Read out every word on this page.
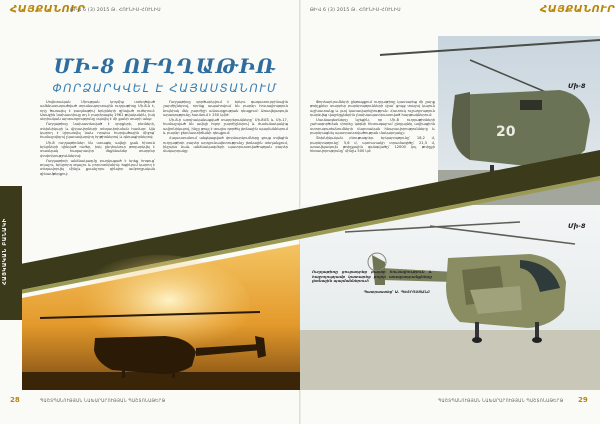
ՀԱՅՔԱՆՈՒՐ
ԹԻՎ 6 (3) 2015 Թ. ՀՈՒՆԻՍ-ՀՈՒԼԻՍ	ԹԻՎ 6 (3) 2015 Թ. ՀՈՒՆԻՍ-ՀՈՒԼԻՍ	ՀԱՅՔԱՆՈՒՐ
ՄԻ-8 ՈՒՂՂԱԹԻՌ
ՓՈՐՁԱՐԿՎԵԼ Է ՀԱՅԱՍՏԱՆՈՒՄ

Սովետական Միության կողմից ստեղծված ամենատարածված տրանսպորտային ուղղաթիռը Մի-8-ն է, որը ծառայել է բազմաթիվ երկրների զինված ուժերում: Առաջին նախատիպը օդ է բարձրացել 1961 թվականին, իսկ սերիական արտադրությունը սկսվել է մի քանի տարի անց:

Ուղղաթիռը նախատեսված է զորքերի, բեռների, տեխնիկայի և վիրավորների տեղափոխման համար: Այն կարող է կիրառվել նաև որպես հարվածային միջոց՝ համալրվելով չկառավարվող հրթիռներով և գնդացիրներով:

Մի-8 ուղղաթիռներ են ստացել ավելի քան հիսուն երկրների զինված ուժեր, իսկ ընդհանուր թողարկվել է տասնյակ հազարավոր մեքենաներ տարբեր փոփոխություններով:

Ուղղաթիռի անձնակազմը բաղկացած է երեք հոգուց՝ օդաչու, երկրորդ օդաչու և բորտտեխնիկ: Խցիկում կարող է տեղավորվել մինչև քսանչորս զինվոր ամբողջական զինամթերքով:

Ուղղաթիռը գործարկվում է երկու գազատուրբինային շարժիչներով, որոնք ապահովում են բարձր հուսալիություն նույնիսկ մեկ շարժիչի անսարքության դեպքում: Առավելագույն արագությունը հասնում է 250 կմ/ժ:

Մի-8-ի արդիականացված տարբերակները՝ Մի-8ՄՏ և Մի-17, համալրված են ավելի հզոր շարժիչներով և ժամանակակից ավիոնիկայով, ինչը թույլ է տալիս գործել լեռնային պայմաններում և բարձր ջերմաստիճանի դեպքում:

Հայաստանում անցկացված փորձարկումները ցույց տվեցին ուղղաթիռի բարձր արդյունավետությունը լեռնային տեղանքում, ինչպես նաև անձնակազմերի պատրաստվածության բարձր մակարդակը:

Փորձարկումների ընթացքում ուղղաթիռը կատարեց մի շարք թռիչքներ տարբեր բարձրությունների վրա՝ ցույց տալով կայուն աշխատանք և լավ կառավարելիություն: Հատուկ ուշադրություն դարձվեց վայրէջքներին չնախապատրաստված հարթակներում:

Մասնագետները նշեցին, որ Մի-8 ուղղաթիռների շահագործման փորձը կօգնի հետագայում ընդլայնել ավիացիոն ստորաբաժանումների մարտական հնարավորությունները և բարձրացնել պատրաստվածության մակարդակը:

Տեխնիկական բնութագրեր. երկարությունը՝ 18,2 մ, բարձրությունը՝ 5,6 մ, պտուտակի տրամագիծը՝ 21,3 մ, առավելագույն թռիչքային զանգվածը՝ 12000 կգ, թռիչքի հեռավորությունը՝ մինչև 500 կմ:

Ուղղաթիռը ցուցադրեց բարձր հուսալիություն և հաջողությամբ կատարեց բոլոր առաջադրանքները լեռնային պայմաններում:
Պատրաստեց՝ Ա. ՊԵՏՐՈՍՅԱՆԸ
Մի-8
Մի-8
20
ՀԱՅԿԱԿԱՆ ԲԱՆԱԿԻ
28	ՊԱՇՏՊԱՆՈՒԹՅԱՆ ՆԱԽԱՐԱՐՈՒԹՅԱՆ ՊԱՇՏՈՆԱԹԵՐԹ	ՊԱՇՏՊԱՆՈՒԹՅԱՆ ՆԱԽԱՐԱՐՈՒԹՅԱՆ ՊԱՇՏՈՆԱԹԵՐԹ 29
